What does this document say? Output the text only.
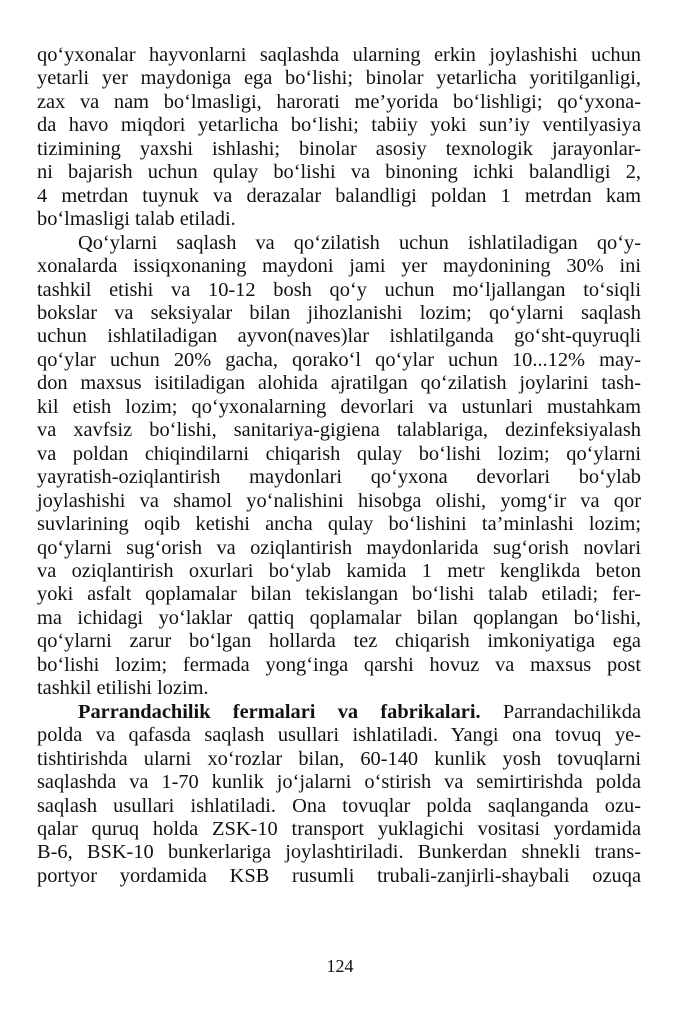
qo‘yxonalar hayvonlarni saqlashda ularning erkin joylashishi uchun
yetarli yer maydoniga ega bo‘lishi; binolar yetarlicha yoritilganligi,
zax va nam bo‘lmasligi, harorati me’yorida bo‘lishligi; qo‘yxona-
da havo miqdori yetarlicha bo‘lishi; tabiiy yoki sun’iy ventilyasiya
tizimining yaxshi ishlashi; binolar asosiy texnologik jarayonlar-
ni bajarish uchun qulay bo‘lishi va binoning ichki balandligi 2,
4 metrdan tuynuk va derazalar balandligi poldan 1 metrdan kam
bo‘lmasligi talab etiladi.
Qo‘ylarni saqlash va qo‘zilatish uchun ishlatiladigan qo‘y-
xonalarda issiqxonaning maydoni jami yer maydonining 30% ini
tashkil etishi va 10-12 bosh qo‘y uchun mo‘ljallangan to‘siqli
bokslar va seksiyalar bilan jihozlanishi lozim; qo‘ylarni saqlash
uchun ishlatiladigan ayvon(naves)lar ishlatilganda go‘sht-quyruqli
qo‘ylar uchun 20% gacha, qorako‘l qo‘ylar uchun 10...12% may-
don maxsus isitiladigan alohida ajratilgan qo‘zilatish joylarini tash-
kil etish lozim; qo‘yxonalarning devorlari va ustunlari mustahkam
va xavfsiz bo‘lishi, sanitariya-gigiena talablariga, dezinfeksiyalash
va poldan chiqindilarni chiqarish qulay bo‘lishi lozim; qo‘ylarni
yayratish-oziqlantirish maydonlari qo‘yxona devorlari bo‘ylab
joylashishi va shamol yo‘nalishini hisobga olishi, yomg‘ir va qor
suvlarining oqib ketishi ancha qulay bo‘lishini ta’minlashi lozim;
qo‘ylarni sug‘orish va oziqlantirish maydonlarida sug‘orish novlari
va oziqlantirish oxurlari bo‘ylab kamida 1 metr kenglikda beton
yoki asfalt qoplamalar bilan tekislangan bo‘lishi talab etiladi; fer-
ma ichidagi yo‘laklar qattiq qoplamalar bilan qoplangan bo‘lishi,
qo‘ylarni zarur bo‘lgan hollarda tez chiqarish imkoniyatiga ega
bo‘lishi lozim; fermada yong‘inga qarshi hovuz va maxsus post
tashkil etilishi lozim.
Parrandachilik fermalari va fabrikalari. Parrandachilikda
polda va qafasda saqlash usullari ishlatiladi. Yangi ona tovuq ye-
tishtirishda ularni xo‘rozlar bilan, 60-140 kunlik yosh tovuqlarni
saqlashda va 1-70 kunlik jo‘jalarni o‘stirish va semirtirishda polda
saqlash usullari ishlatiladi. Ona tovuqlar polda saqlanganda ozu-
qalar quruq holda ZSK-10 transport yuklagichi vositasi yordamida
B-6, BSK-10 bunkerlariga joylashtiriladi. Bunkerdan shnekli trans-
portyor yordamida KSB rusumli trubali-zanjirli-shaybali ozuqa
124
